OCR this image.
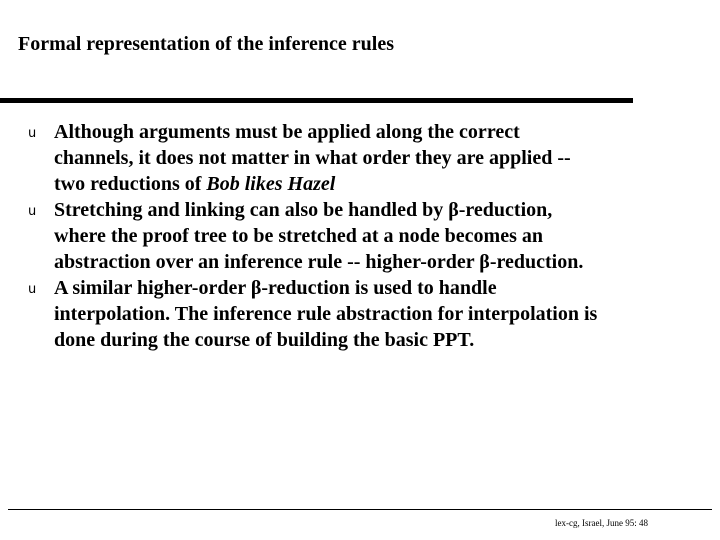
Formal representation of the inference rules
u Although arguments must be applied along the correct channels, it does not matter in what order they are applied -- two reductions of Bob likes Hazel
u Stretching and linking can also be handled by β-reduction, where the proof tree to be stretched at a node becomes an abstraction over an inference rule -- higher-order β-reduction.
u A similar higher-order β-reduction is used to handle interpolation. The inference rule abstraction for interpolation is done during the course of building the basic PPT.
lex-cg, Israel, June 95: 48
